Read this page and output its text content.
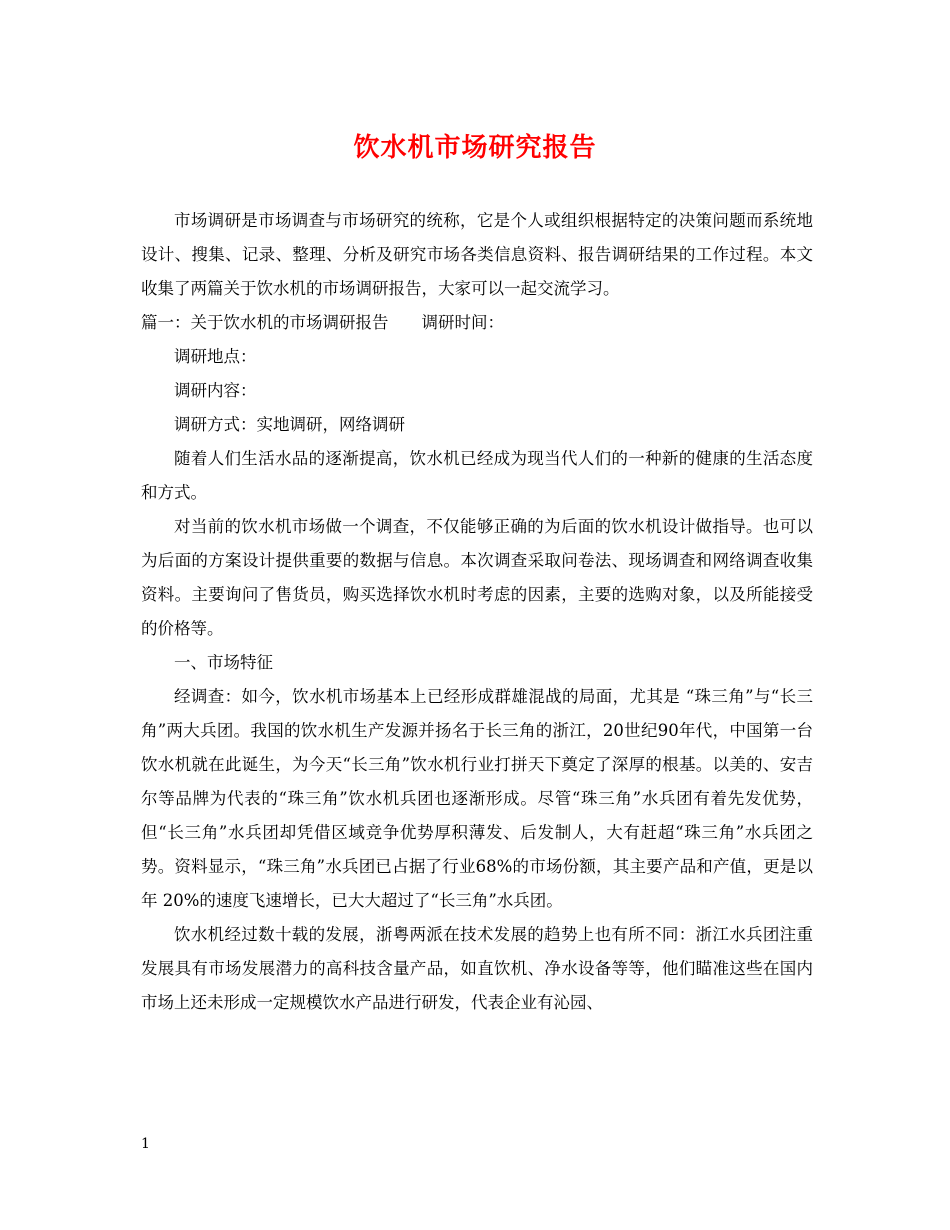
饮水机市场研究报告

市场调研是市场调查与市场研究的统称，它是个人或组织根据特定的决策问题而系统地设计、搜集、记录、整理、分析及研究市场各类信息资料、报告调研结果的工作过程。本文收集了两篇关于饮水机的市场调研报告，大家可以一起交流学习。

篇一：关于饮水机的市场调研报告　　调研时间：

调研地点：

调研内容：

调研方式：实地调研，网络调研

随着人们生活水品的逐渐提高，饮水机已经成为现当代人们的一种新的健康的生活态度和方式。

对当前的饮水机市场做一个调查，不仅能够正确的为后面的饮水机设计做指导。也可以为后面的方案设计提供重要的数据与信息。本次调查采取问卷法、现场调查和网络调查收集资料。主要询问了售货员，购买选择饮水机时考虑的因素，主要的选购对象，以及所能接受的价格等。

一、市场特征

经调查：如今，饮水机市场基本上已经形成群雄混战的局面，尤其是 “珠三角”与“长三角”两大兵团。我国的饮水机生产发源并扬名于长三角的浙江，20世纪90年代，中国第一台饮水机就在此诞生，为今天“长三角”饮水机行业打拼天下奠定了深厚的根基。以美的、安吉尔等品牌为代表的“珠三角”饮水机兵团也逐渐形成。尽管“珠三角”水兵团有着先发优势，但“长三角”水兵团却凭借区域竞争优势厚积薄发、后发制人，大有赶超“珠三角”水兵团之势。资料显示，“珠三角”水兵团已占据了行业68%的市场份额，其主要产品和产值，更是以年 20%的速度飞速增长，已大大超过了“长三角”水兵团。

饮水机经过数十载的发展，浙粤两派在技术发展的趋势上也有所不同：浙江水兵团注重发展具有市场发展潜力的高科技含量产品，如直饮机、净水设备等等，他们瞄准这些在国内市场上还未形成一定规模饮水产品进行研发，代表企业有沁园、

1
